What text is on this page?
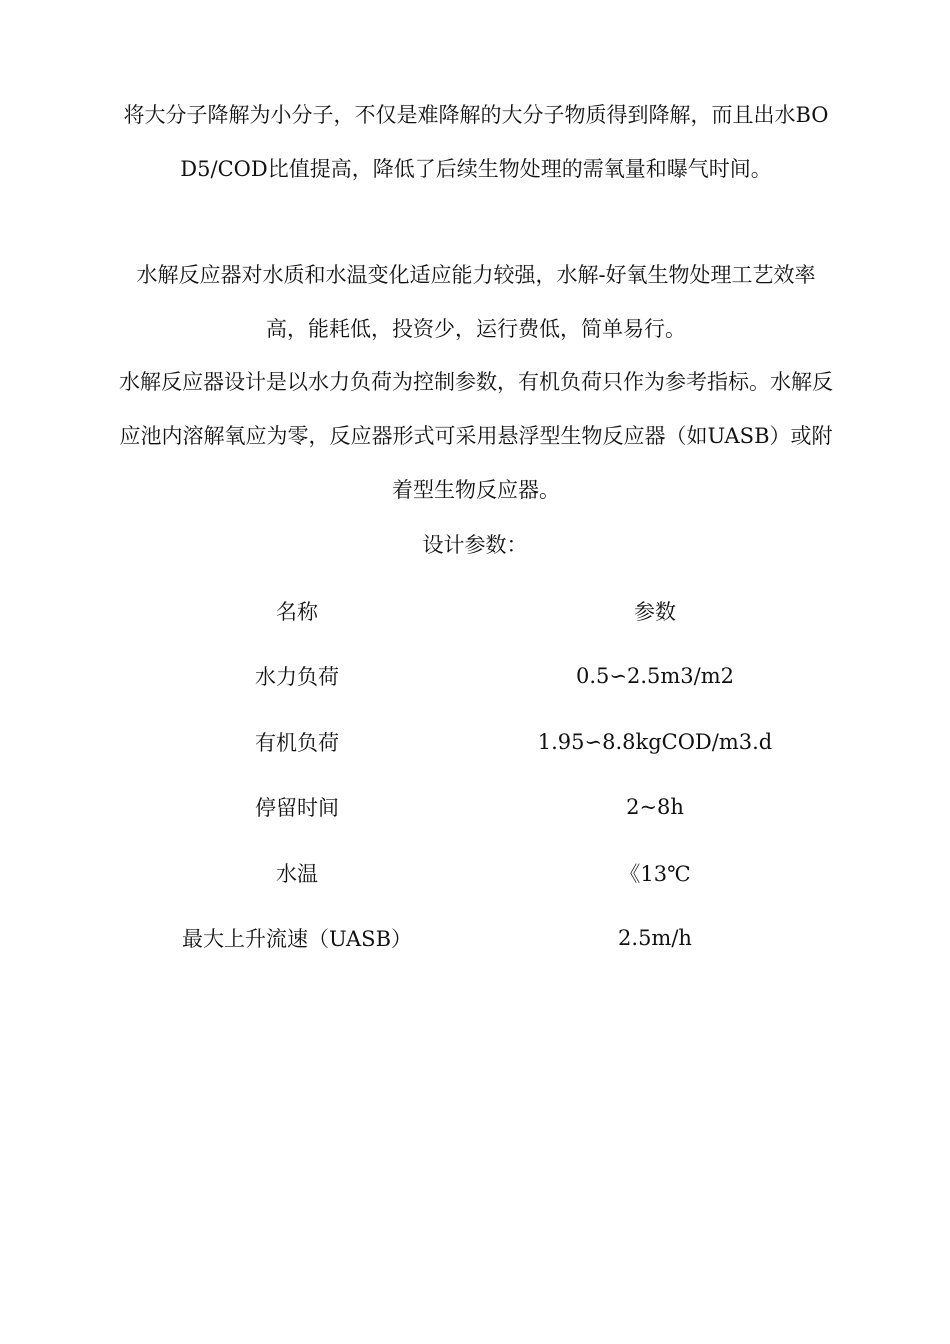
将大分子降解为小分子，不仅是难降解的大分子物质得到降解，而且出水BOD5/COD比值提高，降低了后续生物处理的需氧量和曝气时间。

水解反应器对水质和水温变化适应能力较强，水解-好氧生物处理工艺效率高，能耗低，投资少，运行费低，简单易行。

水解反应器设计是以水力负荷为控制参数，有机负荷只作为参考指标。水解反应池内溶解氧应为零，反应器形式可采用悬浮型生物反应器（如UASB）或附着型生物反应器。

设计参数：
名称	参数
水力负荷	0.5∽2.5m3/m2
有机负荷	1.95∽8.8kgCOD/m3.d
停留时间	2~8h
水温	《13℃
最大上升流速（UASB）	2.5m/h
